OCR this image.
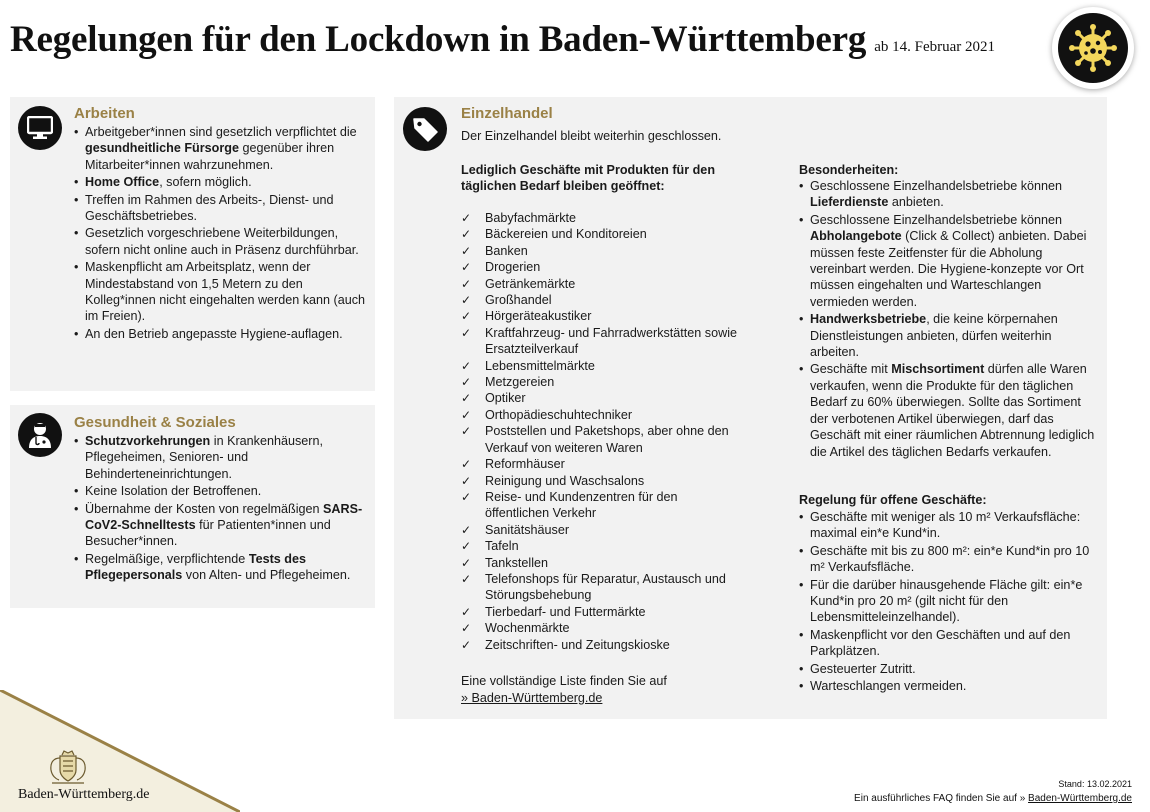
Regelungen für den Lockdown in Baden-Württemberg ab 14. Februar 2021
Arbeiten
• Arbeitgeber*innen sind gesetzlich verpflichtet die gesundheitliche Fürsorge gegenüber ihren Mitarbeiter*innen wahrzunehmen.
• Home Office, sofern möglich.
• Treffen im Rahmen des Arbeits-, Dienst- und Geschäftsbetriebes.
• Gesetzlich vorgeschriebene Weiterbildungen, sofern nicht online auch in Präsenz durchführbar.
• Maskenpflicht am Arbeitsplatz, wenn der Mindestabstand von 1,5 Metern zu den Kolleg*innen nicht eingehalten werden kann (auch im Freien).
• An den Betrieb angepasste Hygiene-auflagen.
Gesundheit & Soziales
• Schutzvorkehrungen in Krankenhäusern, Pflegeheimen, Senioren- und Behinderteneinrichtungen.
• Keine Isolation der Betroffenen.
• Übernahme der Kosten von regelmäßigen SARS-CoV2-Schnelltests für Patienten*innen und Besucher*innen.
• Regelmäßige, verpflichtende Tests des Pflegepersonals von Alten- und Pflegeheimen.
Einzelhandel

Der Einzelhandel bleibt weiterhin geschlossen.

Lediglich Geschäfte mit Produkten für den täglichen Bedarf bleiben geöffnet:

✓ Babyfachmärkte
✓ Bäckereien und Konditoreien
✓ Banken
✓ Drogerien
✓ Getränkemärkte
✓ Großhandel
✓ Hörgeräteakustiker
✓ Kraftfahrzeug- und Fahrradwerkstätten sowie Ersatzteilverkauf
✓ Lebensmittelmärkte
✓ Metzgereien
✓ Optiker
✓ Orthopädieschuhtechniker
✓ Poststellen und Paketshops, aber ohne den Verkauf von weiteren Waren
✓ Reformhäuser
✓ Reinigung und Waschsalons
✓ Reise- und Kundenzentren für den öffentlichen Verkehr
✓ Sanitätshäuser
✓ Tafeln
✓ Tankstellen
✓ Telefonshops für Reparatur, Austausch und Störungsbehebung
✓ Tierbedarf- und Futtermärkte
✓ Wochenmärkte
✓ Zeitschriften- und Zeitungskioske

Eine vollständige Liste finden Sie auf

» Baden-Württemberg.de

Besonderheiten:

• Geschlossene Einzelhandelsbetriebe können Lieferdienste anbieten.
• Geschlossene Einzelhandelsbetriebe können Abholangebote (Click & Collect) anbieten. Dabei müssen feste Zeitfenster für die Abholung vereinbart werden. Die Hygiene-konzepte vor Ort müssen eingehalten und Warteschlangen vermieden werden.
• Handwerksbetriebe, die keine körpernahen Dienstleistungen anbieten, dürfen weiterhin arbeiten.
• Geschäfte mit Mischsortiment dürfen alle Waren verkaufen, wenn die Produkte für den täglichen Bedarf zu 60% überwiegen. Sollte das Sortiment der verbotenen Artikel überwiegen, darf das Geschäft mit einer räumlichen Abtrennung lediglich die Artikel des täglichen Bedarfs verkaufen.

Regelung für offene Geschäfte:

• Geschäfte mit weniger als 10 m² Verkaufsfläche: maximal ein*e Kund*in.
• Geschäfte mit bis zu 800 m²: ein*e Kund*in pro 10 m² Verkaufsfläche.
• Für die darüber hinausgehende Fläche gilt: ein*e Kund*in pro 20 m² (gilt nicht für den Lebensmitteleinzelhandel).
• Maskenpflicht vor den Geschäften und auf den Parkplätzen.
• Gesteuerter Zutritt.
• Warteschlangen vermeiden.
Baden-Württemberg.de
Stand: 13.02.2021
Ein ausführliches FAQ finden Sie auf » Baden-Württemberg.de
